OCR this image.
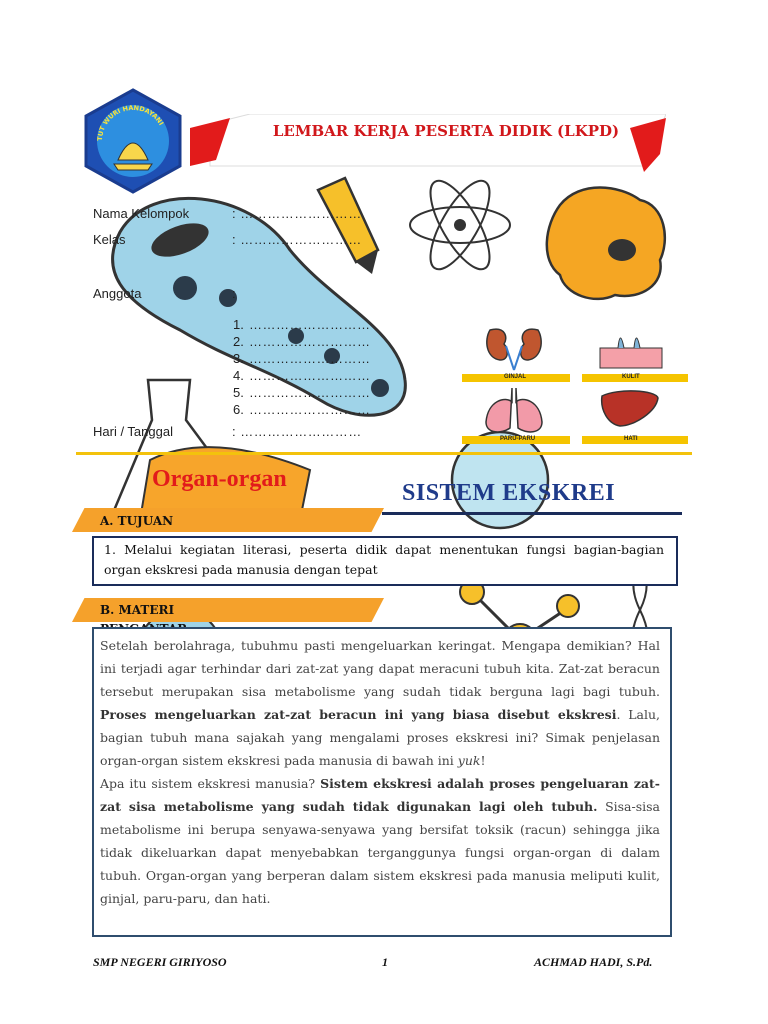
TUT WURI HANDAYANI	LEMBAR KERJA PESERTA DIDIK (LKPD)
Nama Kelompok	: ………………………
Kelas	: ………………………
Anggota	:
1. ………………………
2. ………………………
3. ………………………
4. ………………………
5. ………………………
6. ………………………
Hari / Tanggal	: ………………………
GINJAL	KULIT
PARU-PARU	HATI
Organ-organ
SISTEM EKSKREI
A. TUJUAN
1. Melalui kegiatan literasi, peserta didik dapat menentukan fungsi bagian-bagian organ ekskresi pada manusia dengan tepat
B. MATERI
Setelah berolahraga, tubuhmu pasti mengeluarkan keringat. Mengapa demikian? Hal ini terjadi agar terhindar dari zat-zat yang dapat meracuni tubuh kita. Zat-zat beracun tersebut merupakan sisa metabolisme yang sudah tidak berguna lagi bagi tubuh. Proses mengeluarkan zat-zat beracun ini yang biasa disebut ekskresi. Lalu, bagian tubuh mana sajakah yang mengalami proses ekskresi ini? Simak penjelasan organ-organ sistem ekskresi pada manusia di bawah ini yuk!
Apa itu sistem ekskresi manusia? Sistem ekskresi adalah proses pengeluaran zat-zat sisa metabolisme yang sudah tidak digunakan lagi oleh tubuh. Sisa-sisa metabolisme ini berupa senyawa-senyawa yang bersifat toksik (racun) sehingga jika tidak dikeluarkan dapat menyebabkan terganggunya fungsi organ-organ di dalam tubuh. Organ-organ yang berperan dalam sistem ekskresi pada manusia meliputi kulit, ginjal, paru-paru, dan hati.
SMP NEGERI GIRIYOSO	1	ACHMAD HADI, S.Pd.
